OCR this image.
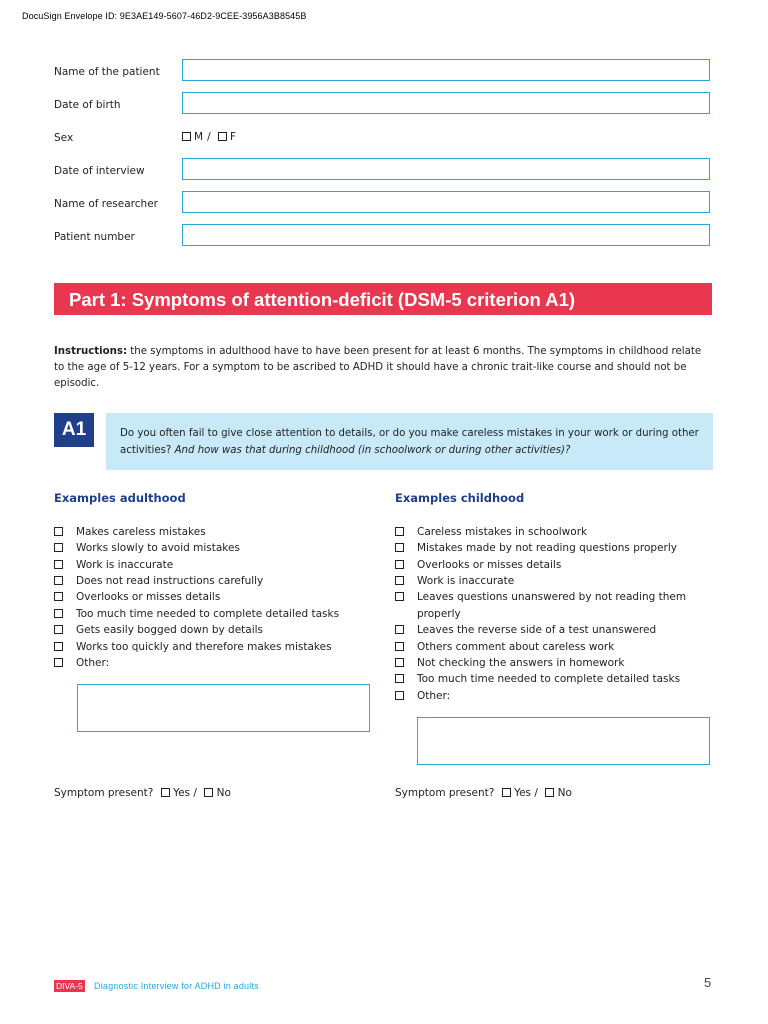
DocuSign Envelope ID: 9E3AE149-5607-46D2-9CEE-3956A3B8545B
Name of the patient
Date of birth
Sex	M / F
Date of interview
Name of researcher
Patient number
Part 1: Symptoms of attention-deficit (DSM-5 criterion A1)
Instructions: the symptoms in adulthood have to have been present for at least 6 months. The symptoms in childhood relate to the age of 5-12 years. For a symptom to be ascribed to ADHD it should have a chronic trait-like course and should not be episodic.
A1	Do you often fail to give close attention to details, or do you make careless mistakes in your work or during other activities? And how was that during childhood (in schoolwork or during other activities)?
Examples adulthood	Examples childhood
Makes careless mistakes
Works slowly to avoid mistakes
Work is inaccurate
Does not read instructions carefully
Overlooks or misses details
Too much time needed to complete detailed tasks
Gets easily bogged down by details
Works too quickly and therefore makes mistakes
Other:
Careless mistakes in schoolwork
Mistakes made by not reading questions properly
Overlooks or misses details
Work is inaccurate
Leaves questions unanswered by not reading them
properly
Leaves the reverse side of a test unanswered
Others comment about careless work
Not checking the answers in homework
Too much time needed to complete detailed tasks
Other:
Symptom present? Yes / No	Symptom present? Yes / No
DIVA-5 Diagnostic Interview for ADHD in adults	5
